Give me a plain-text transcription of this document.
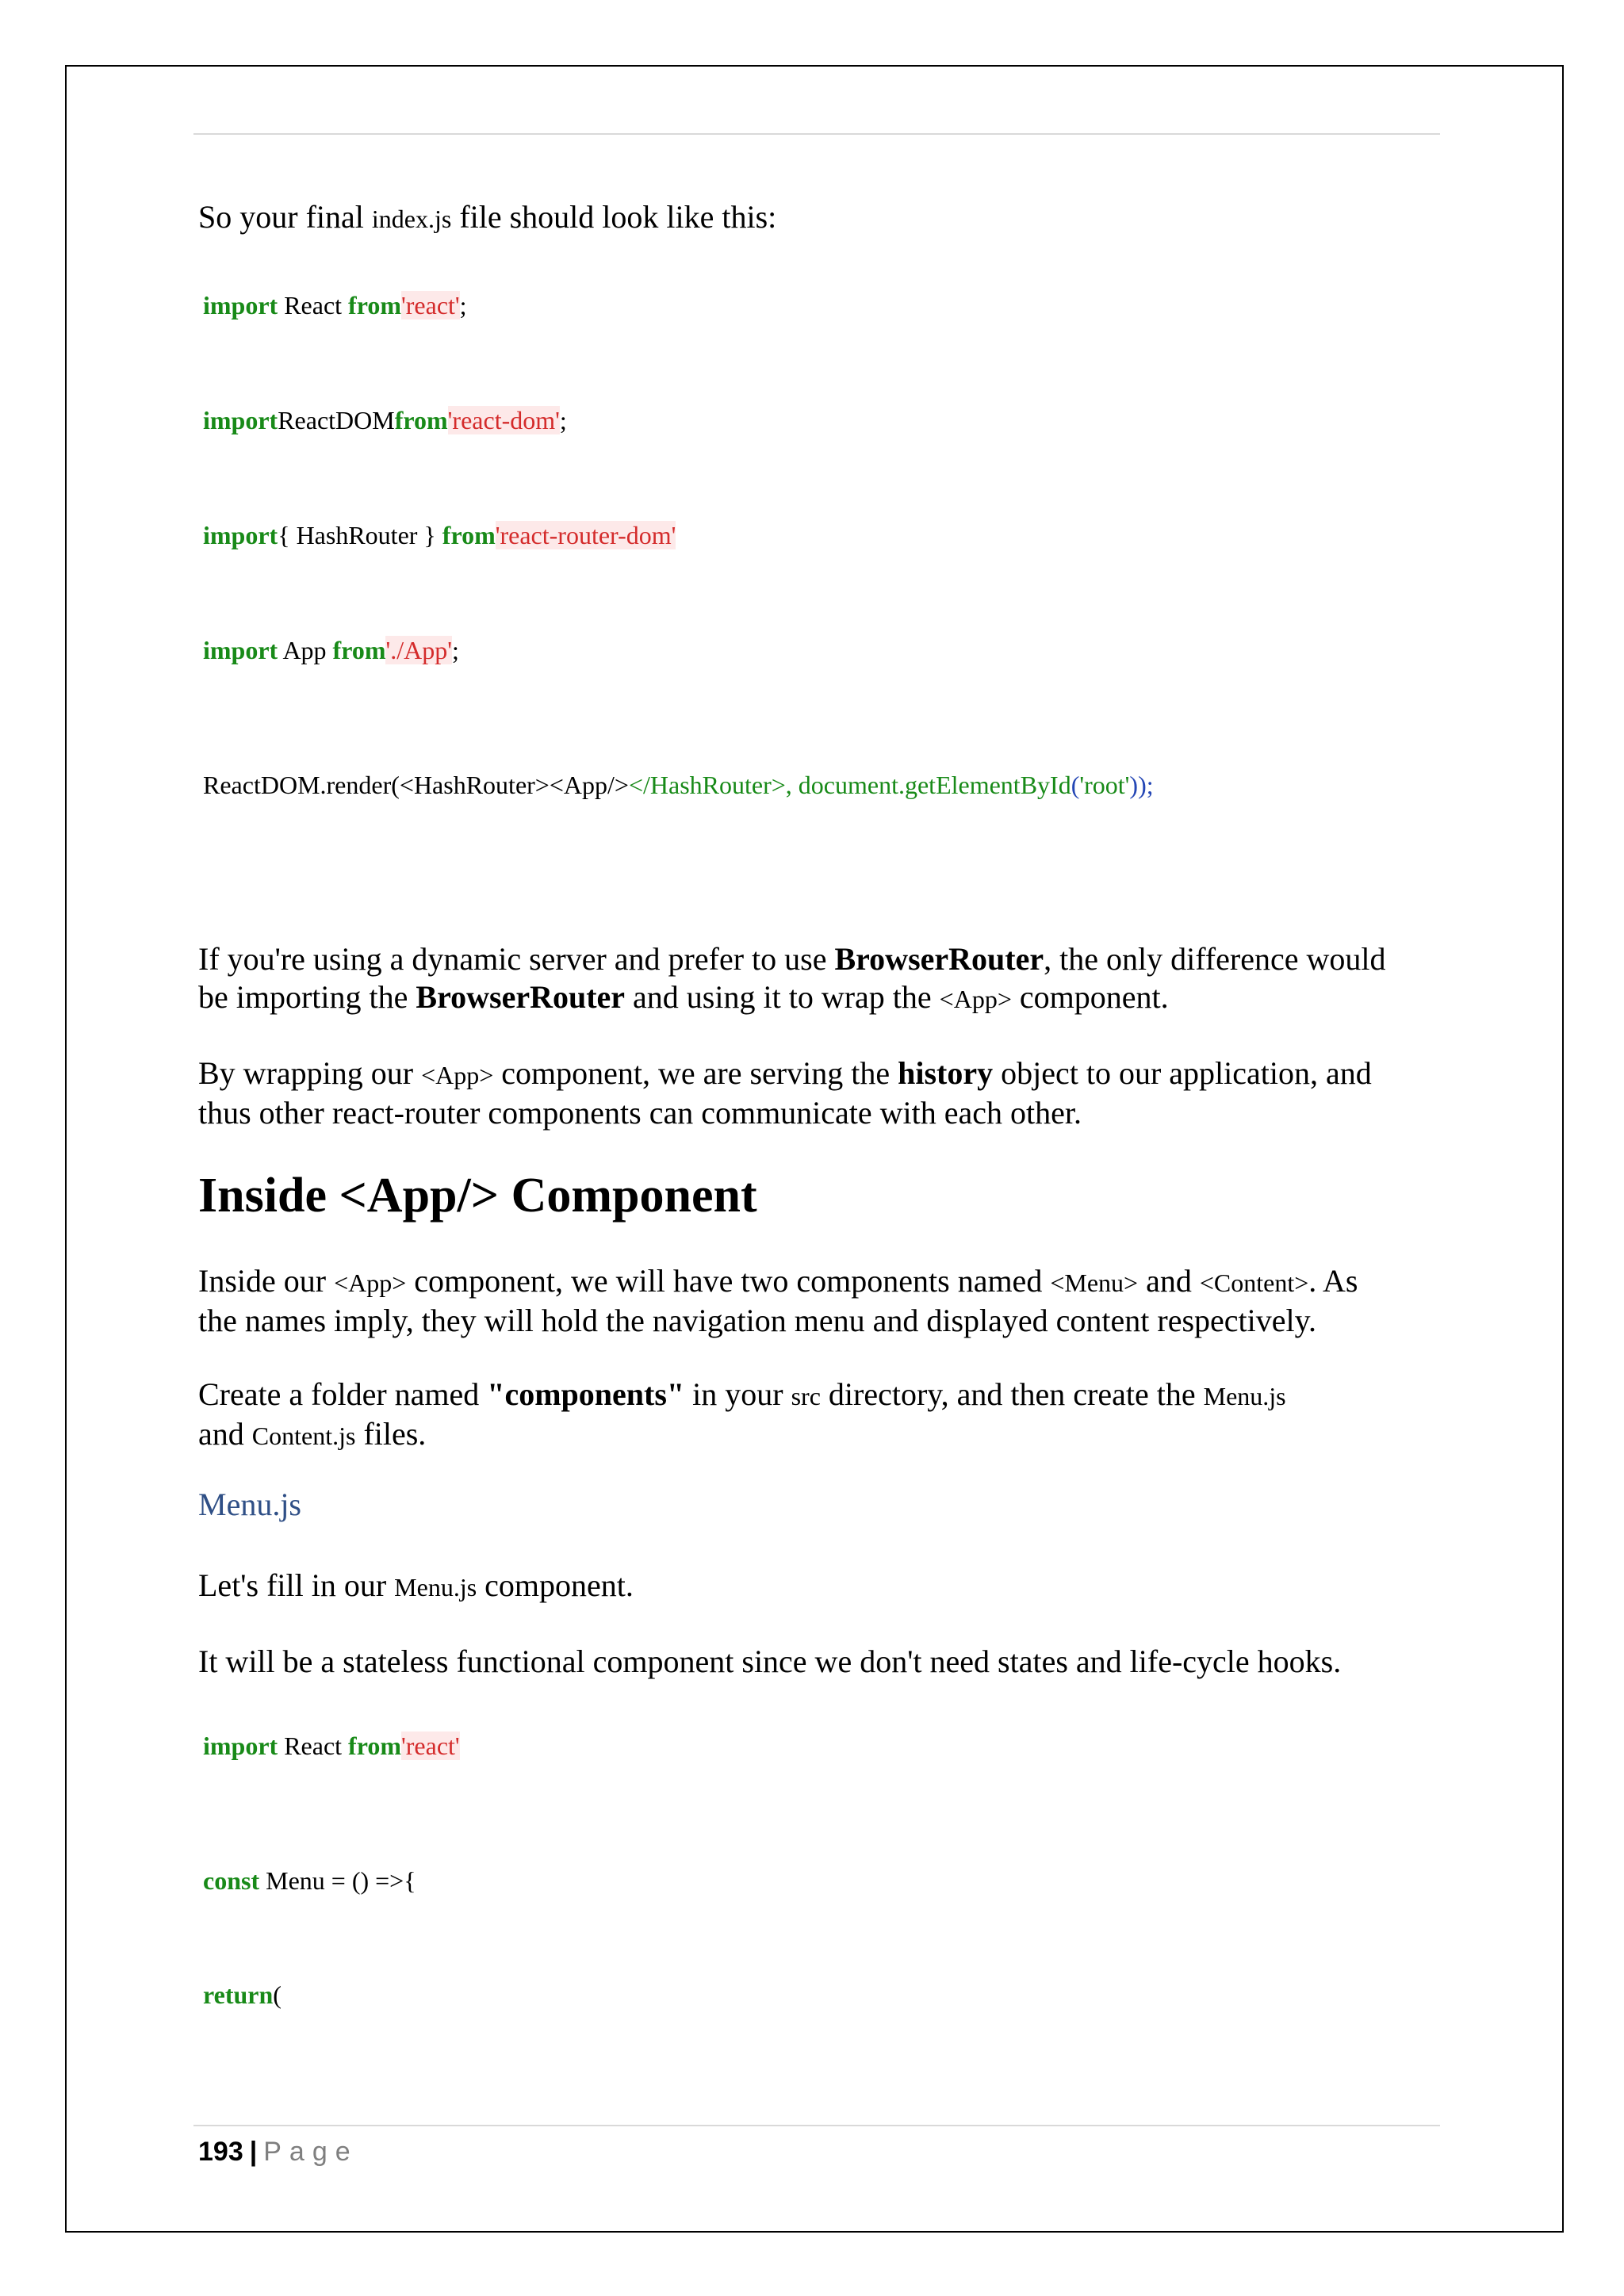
So your final index.js file should look like this:
import React from'react';
importReactDOMfrom'react-dom';
import{ HashRouter } from'react-router-dom'
import App from'./App';
ReactDOM.render(<HashRouter><App/></HashRouter>, document.getElementById('root'));
If you're using a dynamic server and prefer to use BrowserRouter, the only difference would
be importing the BrowserRouter and using it to wrap the <App> component.
By wrapping our <App> component, we are serving the history object to our application, and
thus other react-router components can communicate with each other.
Inside <App/> Component
Inside our <App> component, we will have two components named <Menu> and <Content>. As
the names imply, they will hold the navigation menu and displayed content respectively.
Create a folder named "components" in your src directory, and then create the Menu.js
and Content.js files.
Menu.js
Let's fill in our Menu.js component.
It will be a stateless functional component since we don't need states and life-cycle hooks.
import React from'react'
const Menu = () =>{
return(
193 | Page
